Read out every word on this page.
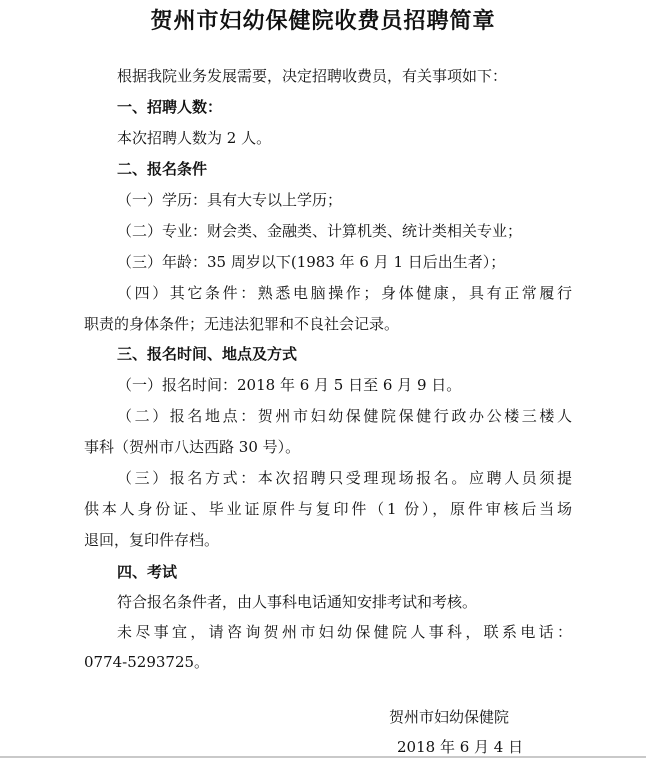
贺州市妇幼保健院收费员招聘简章
根据我院业务发展需要，决定招聘收费员，有关事项如下：
一、招聘人数：
本次招聘人数为 2 人。
二、报名条件
（一）学历：具有大专以上学历；
（二）专业：财会类、金融类、计算机类、统计类相关专业；
（三）年龄：35 周岁以下(1983 年 6 月 1 日后出生者）；
（四）其它条件：熟悉电脑操作；身体健康，具有正常履行
职责的身体条件；无违法犯罪和不良社会记录。
三、报名时间、地点及方式
（一）报名时间：2018 年 6 月 5 日至 6 月 9 日。
（二）报名地点：贺州市妇幼保健院保健行政办公楼三楼人
事科（贺州市八达西路 30 号）。
（三）报名方式：本次招聘只受理现场报名。应聘人员须提
供本人身份证、毕业证原件与复印件（1 份），原件审核后当场
退回，复印件存档。
四、考试
符合报名条件者，由人事科电话通知安排考试和考核。
未尽事宜，请咨询贺州市妇幼保健院人事科，联系电话：
0774-5293725。
贺州市妇幼保健院
2018 年 6 月 4 日
